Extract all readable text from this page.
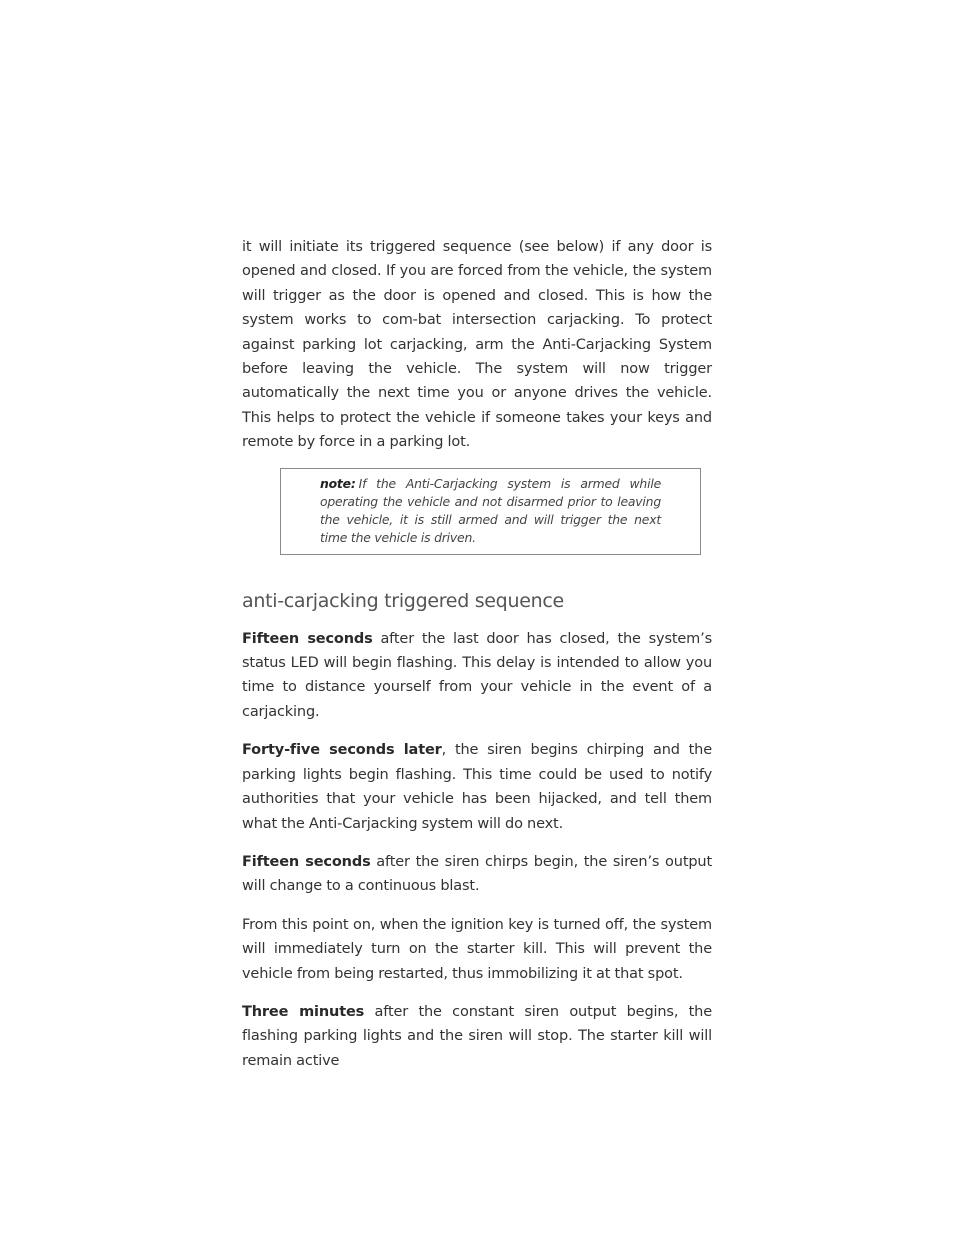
it will initiate its triggered sequence (see below) if any door is opened and closed. If you are forced from the vehicle, the system will trigger as the door is opened and closed. This is how the system works to com-bat intersection carjacking. To protect against parking lot carjacking, arm the Anti-Carjacking System before leaving the vehicle. The system will now trigger automatically the next time you or anyone drives the vehicle. This helps to protect the vehicle if someone takes your keys and remote by force in a parking lot.

note: If the Anti-Carjacking system is armed while operating the vehicle and not disarmed prior to leaving the vehicle, it is still armed and will trigger the next time the vehicle is driven.
anti-carjacking triggered sequence

Fifteen seconds after the last door has closed, the system’s status LED will begin flashing. This delay is intended to allow you time to distance yourself from your vehicle in the event of a carjacking.

Forty-five seconds later, the siren begins chirping and the parking lights begin flashing. This time could be used to notify authorities that your vehicle has been hijacked, and tell them what the Anti-Carjacking system will do next.

Fifteen seconds after the siren chirps begin, the siren’s output will change to a continuous blast.

From this point on, when the ignition key is turned off, the system will immediately turn on the starter kill. This will prevent the vehicle from being restarted, thus immobilizing it at that spot.

Three minutes after the constant siren output begins, the flashing parking lights and the siren will stop. The starter kill will remain active
